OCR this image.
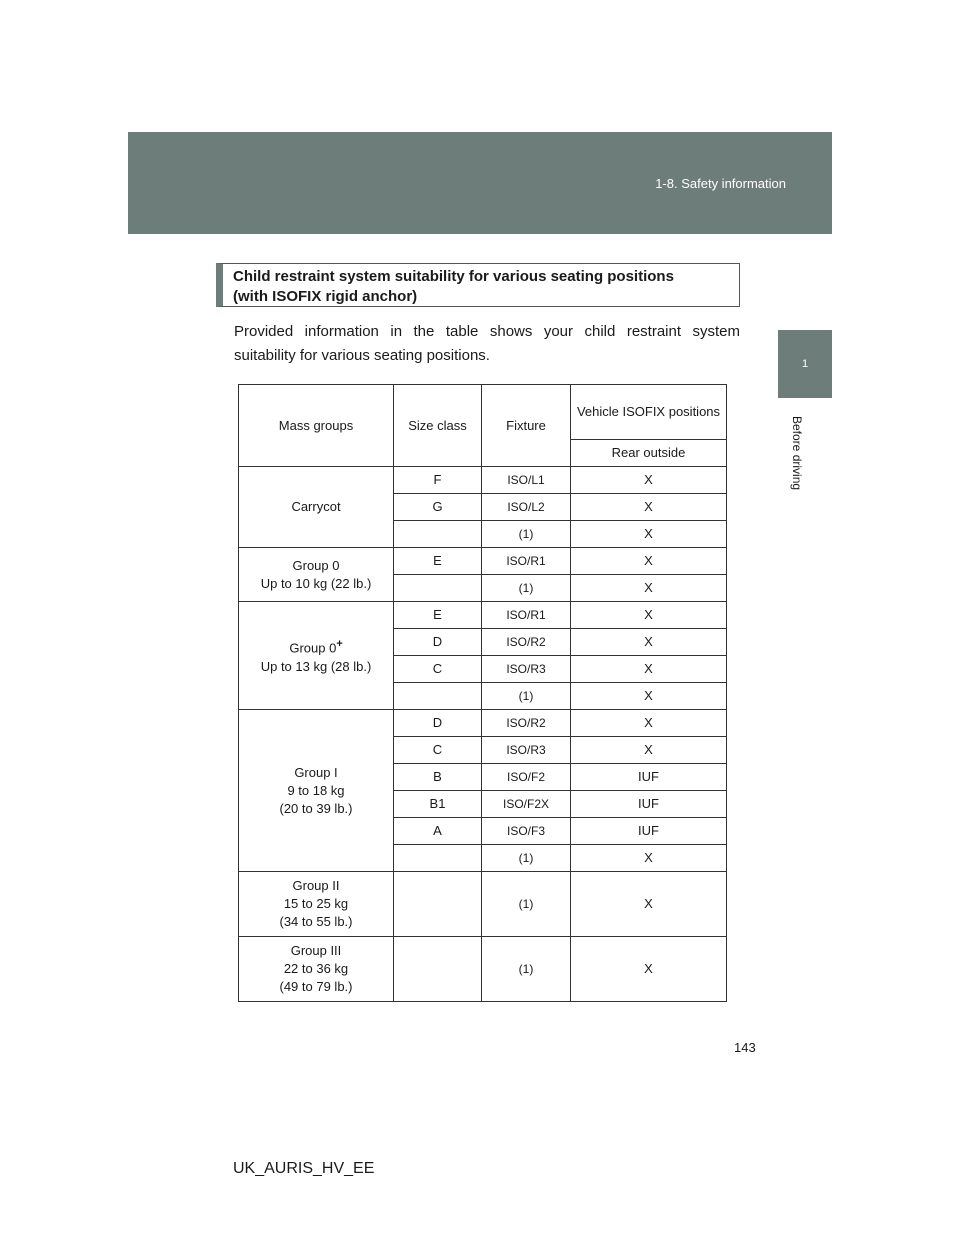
1-8. Safety information
1
Before driving
Child restraint system suitability for various seating positions
(with ISOFIX rigid anchor)
Provided information in the table shows your child restraint system suitability for various seating positions.
Mass groups	Size class	Fixture	Vehicle ISOFIX positions
			Rear outside

Carrycot	F	ISO/L1	X
	G	ISO/L2	X
		(1)	X

Group 0
Up to 10 kg (22 lb.)	E	ISO/R1	X
		(1)	X

Group 0+
Up to 13 kg (28 lb.)	E	ISO/R1	X
	D	ISO/R2	X
	C	ISO/R3	X
		(1)	X

Group I
9 to 18 kg
(20 to 39 lb.)	D	ISO/R2	X
	C	ISO/R3	X
	B	ISO/F2	IUF
	B1	ISO/F2X	IUF
	A	ISO/F3	IUF
		(1)	X

Group II
15 to 25 kg
(34 to 55 lb.)		(1)	X

Group III
22 to 36 kg
(49 to 79 lb.)		(1)	X
143
UK_AURIS_HV_EE
